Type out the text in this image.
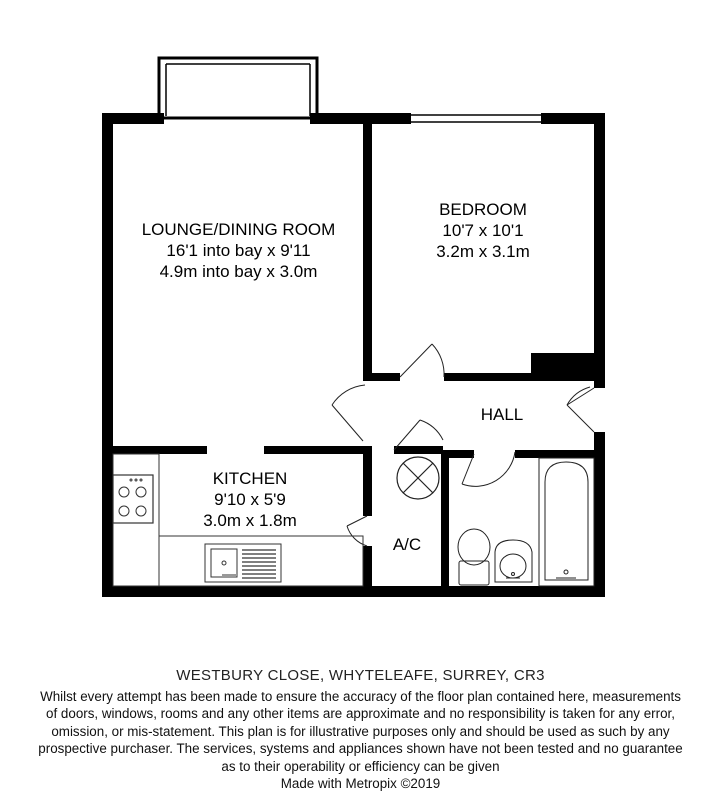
LOUNGE/DINING ROOM
16'1 into bay x 9'11
4.9m into bay x 3.0m
BEDROOM
10'7 x 10'1
3.2m x 3.1m
KITCHEN
9'10 x 5'9
3.0m x 1.8m
HALL
A/C
WESTBURY CLOSE, WHYTELEAFE, SURREY, CR3
Whilst every attempt has been made to ensure the accuracy of the floor plan contained here, measurements
of doors, windows, rooms and any other items are approximate and no responsibility is taken for any error,
omission, or mis-statement. This plan is for illustrative purposes only and should be used as such by any
prospective purchaser. The services, systems and appliances shown have not been tested and no guarantee
as to their operability or efficiency can be given
Made with Metropix ©2019
